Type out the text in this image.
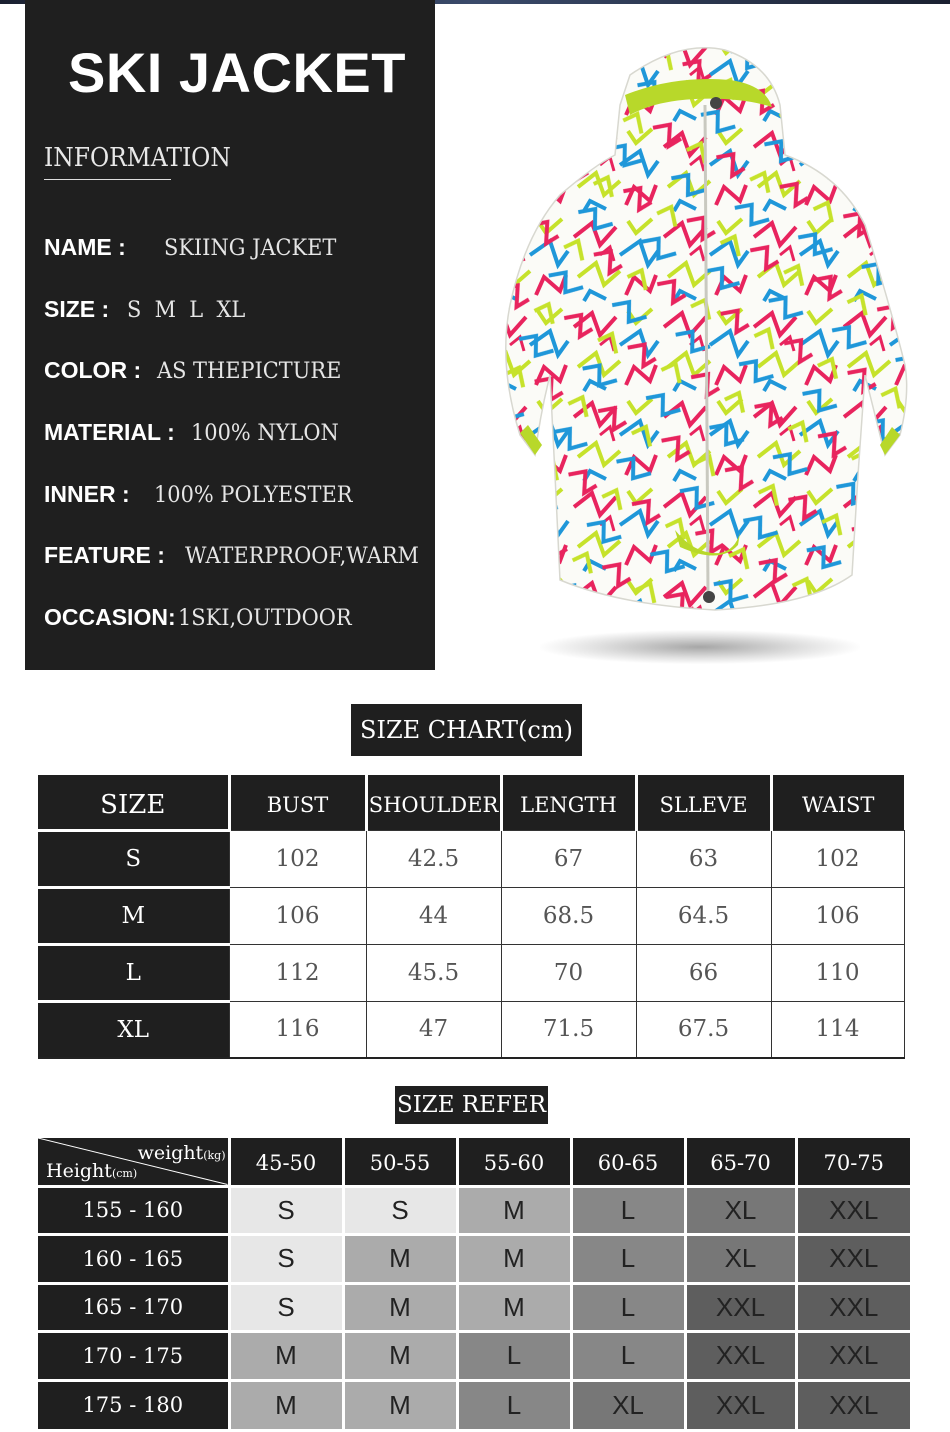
SKI JACKET
INFORMATION
NAME : SKIING JACKET
SIZE : S  M  L  XL
COLOR : AS THEPICTURE
MATERIAL : 100% NYLON
INNER : 100% POLYESTER
FEATURE : WATERPROOF,WARM
OCCASION:1SKI,OUTDOOR
SIZE CHART(cm)
SIZE	BUST	SHOULDER	LENGTH	SLLEVE	WAIST
S	102	42.5	67	63	102
M	106	44	68.5	64.5	106
L	112	45.5	70	66	110
XL	116	47	71.5	67.5	114
SIZE REFER
weight(kg)
Height(cm)	45-50	50-55	55-60	60-65	65-70	70-75
155 - 160	S	S	M	L	XL	XXL
160 - 165	S	M	M	L	XL	XXL
165 - 170	S	M	M	L	XXL	XXL
170 - 175	M	M	L	L	XXL	XXL
175 - 180	M	M	L	XL	XXL	XXL
